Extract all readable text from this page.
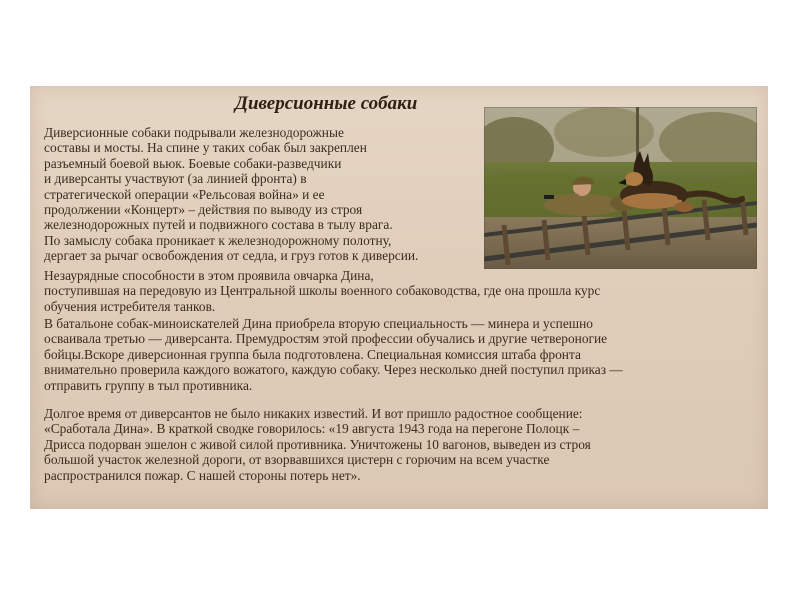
Диверсионные собаки

Диверсионные собаки подрывали железнодорожные
составы и мосты. На спине у таких собак был закреплен
разъемный боевой вьюк. Боевые собаки-разведчики
и диверсанты участвуют (за линией фронта) в
стратегической операции «Рельсовая война» и ее
продолжении «Концерт» – действия по выводу из строя
железнодорожных путей и подвижного состава в тылу врага.
По замыслу собака проникает к железнодорожному полотну,
дергает за рычаг освобождения от седла, и груз готов к диверсии.

Незаурядные способности в этом проявила овчарка Дина,
поступившая на передовую из Центральной школы военного собаководства, где она прошла курс
обучения истребителя танков.

В батальоне собак-миноискателей Дина приобрела вторую специальность — минера и успешно
осваивала третью — диверсанта. Премудростям этой профессии обучались и другие четвероногие
бойцы.Вскоре диверсионная группа была подготовлена. Специальная комиссия штаба фронта
внимательно проверила каждого вожатого, каждую собаку. Через несколько дней поступил приказ —
отправить группу в тыл противника.

Долгое время от диверсантов не было никаких известий. И вот пришло радостное сообщение:
«Сработала Дина». В краткой сводке говорилось: «19 августа 1943 года на перегоне Полоцк –
Дрисса подорван эшелон с живой силой противника. Уничтожены 10 вагонов, выведен из строя
большой участок железной дороги, от взорвавшихся цистерн с горючим на всем участке
распространился пожар. С нашей стороны потерь нет».
